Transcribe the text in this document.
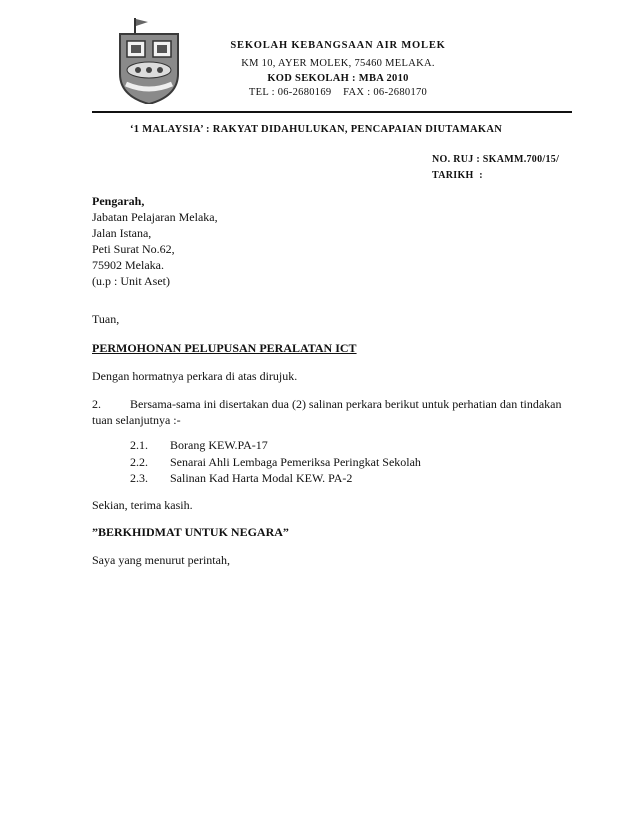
SEKOLAH KEBANGSAAN AIR MOLEK
KM 10, AYER MOLEK, 75460 MELAKA.
KOD SEKOLAH : MBA 2010
TEL : 06-2680169    FAX : 06-2680170
‘1 MALAYSIA’ : RAKYAT DIDAHULUKAN, PENCAPAIAN DIUTAMAKAN
NO. RUJ : SKAMM.700/15/
TARIKH  :
Pengarah,
Jabatan Pelajaran Melaka,
Jalan Istana,
Peti Surat No.62,
75902 Melaka.
(u.p : Unit Aset)
Tuan,
PERMOHONAN PELUPUSAN PERALATAN ICT
Dengan hormatnya perkara di atas dirujuk.
2. Bersama-sama ini disertakan dua (2) salinan perkara berikut untuk perhatian dan tindakan tuan selanjutnya :-
2.1. Borang KEW.PA-17
2.2. Senarai Ahli Lembaga Pemeriksa Peringkat Sekolah
2.3. Salinan Kad Harta Modal KEW. PA-2
Sekian, terima kasih.
”BERKHIDMAT UNTUK NEGARA”
Saya yang menurut perintah,
